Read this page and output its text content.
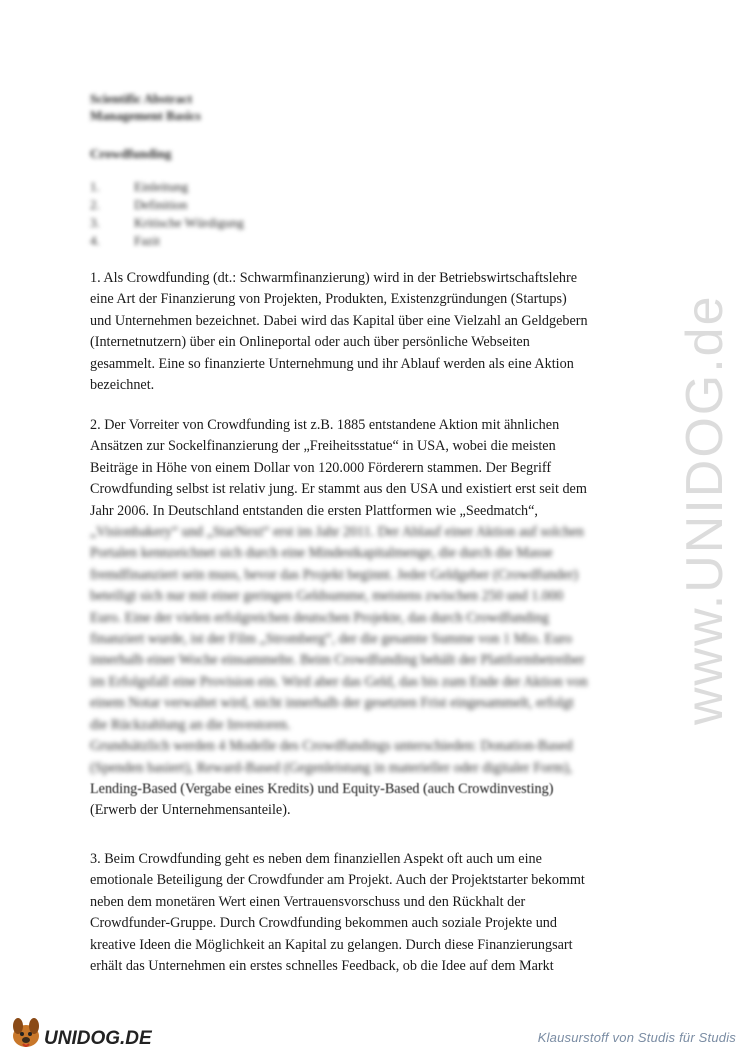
Scientific Abstract
Management Basics
Crowdfunding
1.	Einleitung
2.	Definition
3.	Kritische Würdigung
4.	Fazit
1. Als Crowdfunding (dt.: Schwarmfinanzierung) wird in der Betriebswirtschaftslehre
eine Art der Finanzierung von Projekten, Produkten, Existenzgründungen (Startups)
und Unternehmen bezeichnet. Dabei wird das Kapital über eine Vielzahl an Geldgebern
(Internetnutzern) über ein Onlineportal oder auch über persönliche Webseiten
gesammelt. Eine so finanzierte Unternehmung und ihr Ablauf werden als eine Aktion
bezeichnet.
2. Der Vorreiter von Crowdfunding ist z.B. 1885 entstandene Aktion mit ähnlichen
Ansätzen zur Sockelfinanzierung der „Freiheitsstatue“ in USA, wobei die meisten
Beiträge in Höhe von einem Dollar von 120.000 Förderern stammen. Der Begriff
Crowdfunding selbst ist relativ jung. Er stammt aus den USA und existiert erst seit dem
Jahr 2006. In Deutschland entstanden die ersten Plattformen wie „Seedmatch“,
„Visionbakery“ und „StarNext“ erst im Jahr 2011. Der Ablauf einer Aktion auf solchen
Portalen kennzeichnet sich durch eine Mindestkapitalmenge, die durch die Masse
fremdfinanziert sein muss, bevor das Projekt beginnt. Jeder Geldgeber (Crowdfunder)
beteiligt sich nur mit einer geringen Geldsumme, meistens zwischen 250 und 1.000
Euro. Eine der vielen erfolgreichen deutschen Projekte, das durch Crowdfunding
finanziert wurde, ist der Film „Stromberg“, der die gesamte Summe von 1 Mio. Euro
innerhalb einer Woche einsammelte. Beim Crowdfunding behält der Plattformbetreiber
im Erfolgsfall eine Provision ein. Wird aber das Geld, das bis zum Ende der Aktion von
einem Notar verwaltet wird, nicht innerhalb der gesetzten Frist eingesammelt, erfolgt
die Rückzahlung an die Investoren.
Grundsätzlich werden 4 Modelle des Crowdfundings unterschieden: Donation-Based
(Spenden basiert), Reward-Based (Gegenleistung in materieller oder digitaler Form),
Lending-Based (Vergabe eines Kredits) und Equity-Based (auch Crowdinvesting)
(Erwerb der Unternehmensanteile).
3. Beim Crowdfunding geht es neben dem finanziellen Aspekt oft auch um eine
emotionale Beteiligung der Crowdfunder am Projekt. Auch der Projektstarter bekommt
neben dem monetären Wert einen Vertrauensvorschuss und den Rückhalt der
Crowdfunder-Gruppe. Durch Crowdfunding bekommen auch soziale Projekte und
kreative Ideen die Möglichkeit an Kapital zu gelangen. Durch diese Finanzierungsart
erhält das Unternehmen ein erstes schnelles Feedback, ob die Idee auf dem Markt
www.UNIDOG.de
UNIDOG.DE	Klausurstoff von Studis für Studis
